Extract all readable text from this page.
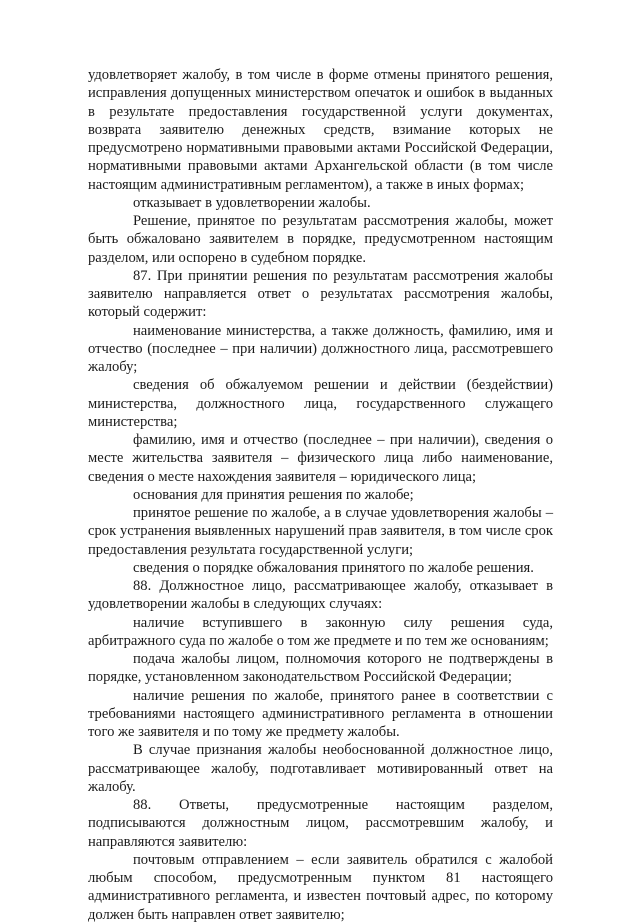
удовлетворяет жалобу, в том числе в форме отмены принятого решения, исправления допущенных министерством опечаток и ошибок в выданных в результате предоставления государственной услуги документах, возврата заявителю денежных средств, взимание которых не предусмотрено нормативными правовыми актами Российской Федерации, нормативными правовыми актами Архангельской области (в том числе настоящим административным регламентом), а также в иных формах;

отказывает в удовлетворении жалобы.

Решение, принятое по результатам рассмотрения жалобы, может быть обжаловано заявителем в порядке, предусмотренном настоящим разделом, или оспорено в судебном порядке.

87. При принятии решения по результатам рассмотрения жалобы заявителю направляется ответ о результатах рассмотрения жалобы, который содержит:

наименование министерства, а также должность, фамилию, имя и отчество (последнее – при наличии) должностного лица, рассмотревшего жалобу;

сведения об обжалуемом решении и действии (бездействии) министерства, должностного лица, государственного служащего министерства;

фамилию, имя и отчество (последнее – при наличии), сведения о месте жительства заявителя – физического лица либо наименование, сведения о месте нахождения заявителя – юридического лица;

основания для принятия решения по жалобе;

принятое решение по жалобе, а в случае удовлетворения жалобы – срок устранения выявленных нарушений прав заявителя, в том числе срок предоставления результата государственной услуги;

сведения о порядке обжалования принятого по жалобе решения.

88. Должностное лицо, рассматривающее жалобу, отказывает в удовлетворении жалобы в следующих случаях:

наличие вступившего в законную силу решения суда, арбитражного суда по жалобе о том же предмете и по тем же основаниям;

подача жалобы лицом, полномочия которого не подтверждены в порядке, установленном законодательством Российской Федерации;

наличие решения по жалобе, принятого ранее в соответствии с требованиями настоящего административного регламента в отношении того же заявителя и по тому же предмету жалобы.

В случае признания жалобы необоснованной должностное лицо, рассматривающее жалобу, подготавливает мотивированный ответ на жалобу.

88. Ответы, предусмотренные настоящим разделом, подписываются должностным лицом, рассмотревшим жалобу, и направляются заявителю:

почтовым отправлением – если заявитель обратился с жалобой любым способом, предусмотренным пунктом 81 настоящего административного регламента, и известен почтовый адрес, по которому должен быть направлен ответ заявителю;
